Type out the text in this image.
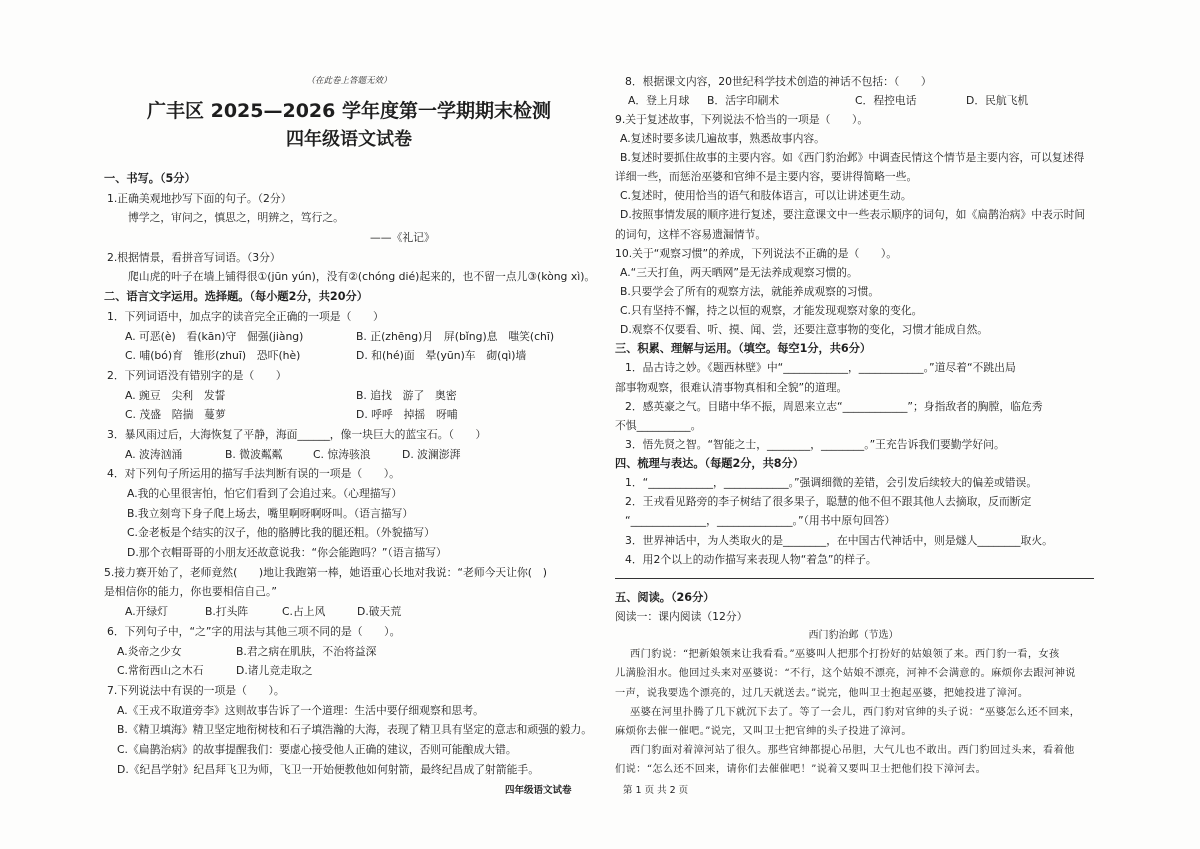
（在此卷上答题无效）
广丰区 2025—2026 学年度第一学期期末检测
四年级语文试卷
一、书写。（5分）
1.正确美观地抄写下面的句子。（2分）
博学之，审问之，慎思之，明辨之，笃行之。
——《礼记》
2.根据情景，看拼音写词语。（3分）
爬山虎的叶子在墙上铺得很①(jūn yún)，没有②(chóng dié)起来的，也不留一点儿③(kòng xì)。
二、语言文字运用。选择题。（每小题2分，共20分）
1．下列词语中，加点字的读音完全正确的一项是（　　）
A. 可恶(è)　看(kān)守　倔强(jiàng)	B. 正(zhēng)月　屏(bǐng)息　嗤笑(chī)
C. 哺(bó)育　锥形(zhuī)　恐吓(hè)	D. 和(hé)面　晕(yūn)车　砌(qì)墙
2．下列词语没有错别字的是（　　）
A. 豌豆　尖利　发誓	B. 追找　游了　奥密
C. 茂盛　陪揣　蔓萝	D. 呼呼　掉摇　呀哺
3．暴风雨过后，大海恢复了平静，海面______，像一块巨大的蓝宝石。（　　）
A. 波涛汹涌	B. 微波粼粼	C. 惊涛骇浪	D. 波澜澎湃
4．对下列句子所运用的描写手法判断有误的一项是（　　）。
A.我的心里很害怕，怕它们看到了会追过来。（心理描写）
B.我立刻弯下身子爬上场去，嘴里啊呀啊呀叫。（语言描写）
C.金老板是个结实的汉子，他的胳膊比我的腿还粗。（外貌描写）
D.那个衣帽哥哥的小朋友还故意说我：“你会能跑吗？”（语言描写）
5.接力赛开始了，老师竟然(　　)地让我跑第一棒，她语重心长地对我说：“老师今天让你(　)
是相信你的能力，你也要相信自己。”
A.开绿灯	B.打头阵	C.占上风	D.破天荒
6．下列句子中，“之”字的用法与其他三项不同的是（　　）。
A.炎帝之少女	B.君之病在肌肤，不治将益深
C.常衔西山之木石	D.诸儿竞走取之
7.下列说法中有误的一项是（　　）。
A.《王戎不取道旁李》这则故事告诉了一个道理：生活中要仔细观察和思考。
B.《精卫填海》精卫坚定地衔树枝和石子填浩瀚的大海，表现了精卫具有坚定的意志和顽强的毅力。
C.《扁鹊治病》的故事提醒我们：要虚心接受他人正确的建议，否则可能酿成大错。
D.《纪昌学射》纪昌拜飞卫为师，飞卫一开始便教他如何射箭，最终纪昌成了射箭能手。
8．根据课文内容，20世纪科学技术创造的神话不包括：（　　）
A．登上月球 B．活字印刷术	C．程控电话	D．民航飞机
9.关于复述故事，下列说法不恰当的一项是（　　）。
A.复述时要多读几遍故事，熟悉故事内容。
B.复述时要抓住故事的主要内容。如《西门豹治邺》中调查民情这个情节是主要内容，可以复述得
详细一些，而惩治巫婆和官绅不是主要内容，要讲得简略一些。
C.复述时，使用恰当的语气和肢体语言，可以让讲述更生动。
D.按照事情发展的顺序进行复述，要注意课文中一些表示顺序的词句，如《扁鹊治病》中表示时间
的词句，这样不容易遗漏情节。
10.关于“观察习惯”的养成，下列说法不正确的是（　　）。
A.“三天打鱼，两天晒网”是无法养成观察习惯的。
B.只要学会了所有的观察方法，就能养成观察的习惯。
C.只有坚持不懈，持之以恒的观察，才能发现观察对象的变化。
D.观察不仅要看、听、摸、闻、尝，还要注意事物的变化，习惯才能成自然。
三、积累、理解与运用。（填空。每空1分，共6分）
1．品古诗之妙。《题西林壁》中“____________，____________。”道尽着“不跳出局
部事物观察，很难认清事物真相和全貌”的道理。
2．感英豪之气。目睹中华不振，周恩来立志“____________”；身指敌者的胸膛，临危秀
不惧__________。
3．悟先贤之智。“智能之士，________，________。”王充告诉我们要勤学好问。
四、梳理与表达。（每题2分，共8分）
1．“____________，____________。”强调细微的差错，会引发后续较大的偏差或错误。
2．王戎看见路旁的李子树结了很多果子，聪慧的他不但不跟其他人去摘取，反而断定
“______________，______________。”（用书中原句回答）
3．世界神话中，为人类取火的是________，在中国古代神话中，则是燧人________取火。
4．用2个以上的动作描写来表现人物“着急”的样子。
五、阅读。（26分）
阅读一：课内阅读（12分）
西门豹治邺（节选）
西门豹说：“把新娘领来让我看看。”巫婆叫人把那个打扮好的姑娘领了来。西门豹一看，女孩
儿满脸泪水。他回过头来对巫婆说：“不行，这个姑娘不漂亮，河神不会满意的。麻烦你去跟河神说
一声，说我要选个漂亮的，过几天就送去。”说完，他叫卫士抱起巫婆，把她投进了漳河。
巫婆在河里扑腾了几下就沉下去了。等了一会儿，西门豹对官绅的头子说：“巫婆怎么还不回来，
麻烦你去催一催吧。”说完，又叫卫士把官绅的头子投进了漳河。
西门豹面对着漳河站了很久。那些官绅都提心吊胆，大气儿也不敢出。西门豹回过头来，看着他
们说：“怎么还不回来，请你们去催催吧！”说着又要叫卫士把他们投下漳河去。
四年级语文试卷	第 1 页 共 2 页
